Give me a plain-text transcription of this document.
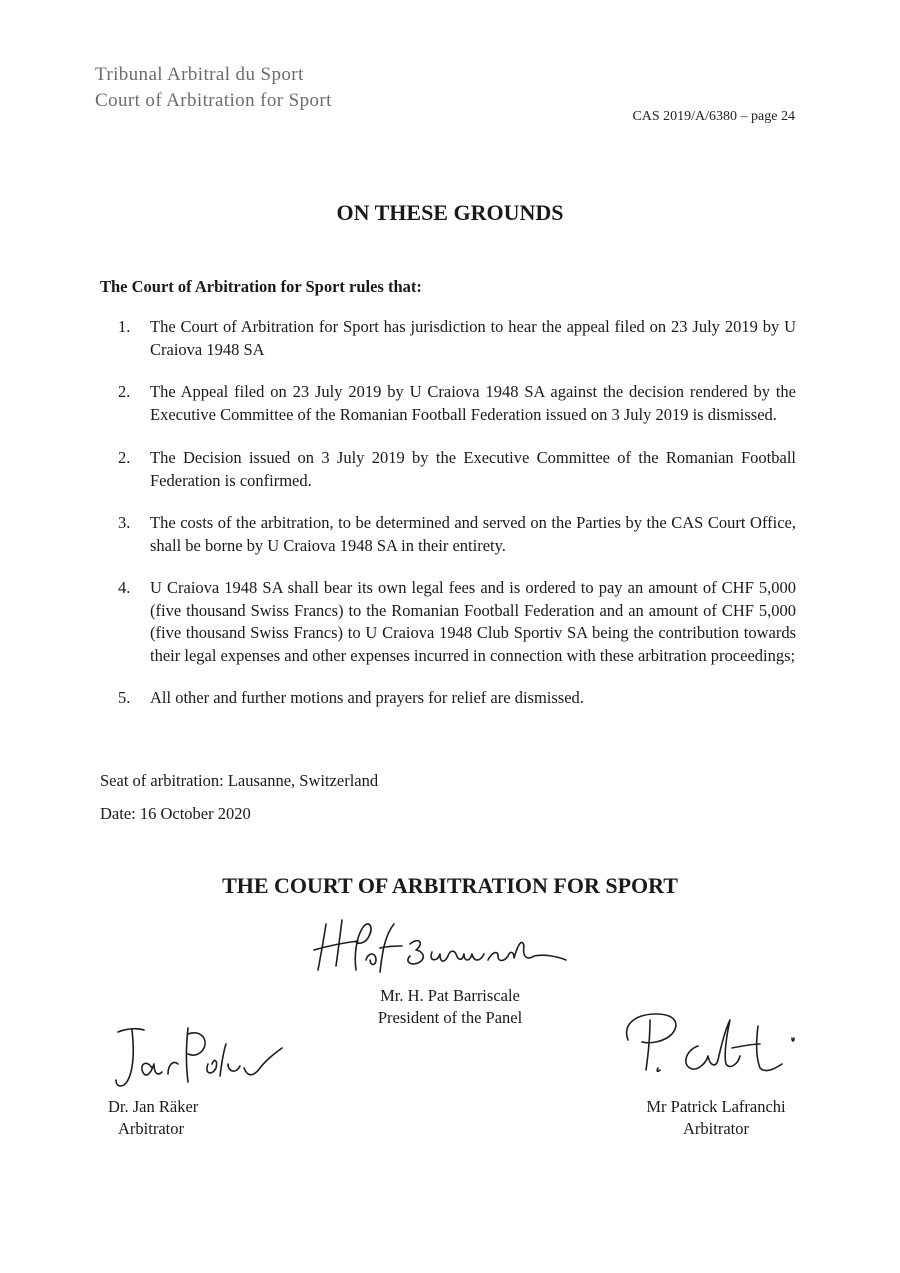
Tribunal Arbitral du Sport
Court of Arbitration for Sport
CAS 2019/A/6380 – page 24
ON THESE GROUNDS
The Court of Arbitration for Sport rules that:
1.	The Court of Arbitration for Sport has jurisdiction to hear the appeal filed on 23 July 2019 by U Craiova 1948 SA
2.	The Appeal filed on 23 July 2019 by U Craiova 1948 SA against the decision rendered by the Executive Committee of the Romanian Football Federation issued on 3 July 2019 is dismissed.
2.	The Decision issued on 3 July 2019 by the Executive Committee of the Romanian Football Federation is confirmed.
3.	The costs of the arbitration, to be determined and served on the Parties by the CAS Court Office, shall be borne by U Craiova 1948 SA in their entirety.
4.	U Craiova 1948 SA shall bear its own legal fees and is ordered to pay an amount of CHF 5,000 (five thousand Swiss Francs) to the Romanian Football Federation and an amount of CHF 5,000 (five thousand Swiss Francs) to U Craiova 1948 Club Sportiv SA being the contribution towards their legal expenses and other expenses incurred in connection with these arbitration proceedings;
5.	All other and further motions and prayers for relief are dismissed.
Seat of arbitration: Lausanne, Switzerland
Date: 16 October 2020
THE COURT OF ARBITRATION FOR SPORT
Mr. H. Pat Barriscale
President of the Panel
Dr. Jan Räker
Arbitrator
Mr Patrick Lafranchi
Arbitrator
